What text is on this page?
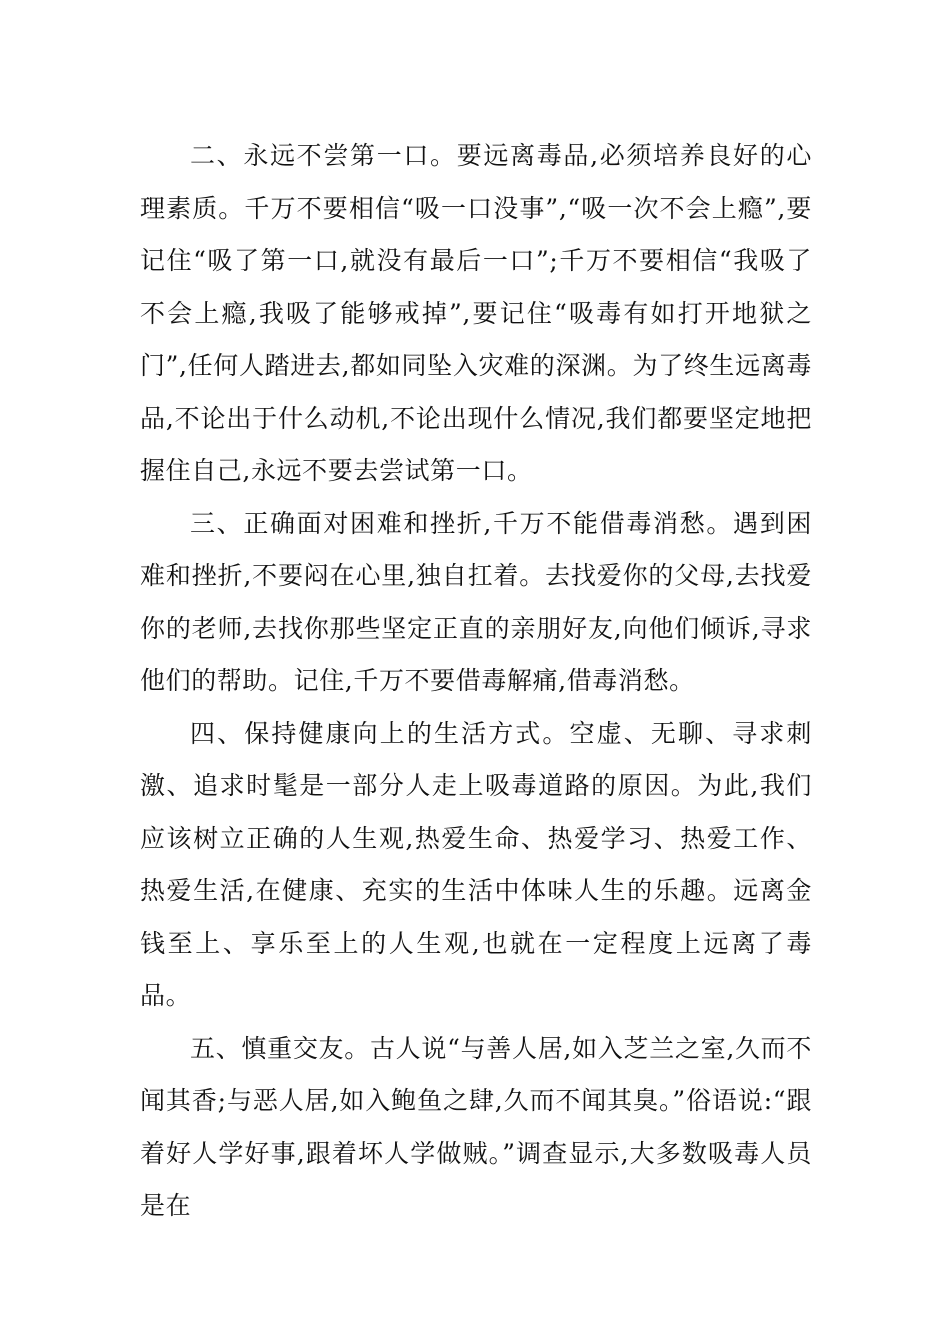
二、永远不尝第一口。要远离毒品,必须培养良好的心理素质。千万不要相信“吸一口没事”,“吸一次不会上瘾”,要记住“吸了第一口,就没有最后一口”;千万不要相信“我吸了不会上瘾,我吸了能够戒掉”,要记住“吸毒有如打开地狱之门”,任何人踏进去,都如同坠入灾难的深渊。为了终生远离毒品,不论出于什么动机,不论出现什么情况,我们都要坚定地把握住自己,永远不要去尝试第一口。

三、正确面对困难和挫折,千万不能借毒消愁。遇到困难和挫折,不要闷在心里,独自扛着。去找爱你的父母,去找爱你的老师,去找你那些坚定正直的亲朋好友,向他们倾诉,寻求他们的帮助。记住,千万不要借毒解痛,借毒消愁。

四、保持健康向上的生活方式。空虚、无聊、寻求刺激、追求时髦是一部分人走上吸毒道路的原因。为此,我们应该树立正确的人生观,热爱生命、热爱学习、热爱工作、热爱生活,在健康、充实的生活中体味人生的乐趣。远离金钱至上、享乐至上的人生观,也就在一定程度上远离了毒品。

五、慎重交友。古人说“与善人居,如入芝兰之室,久而不闻其香;与恶人居,如入鲍鱼之肆,久而不闻其臭。”俗语说:“跟着好人学好事,跟着坏人学做贼。”调查显示,大多数吸毒人员是在
